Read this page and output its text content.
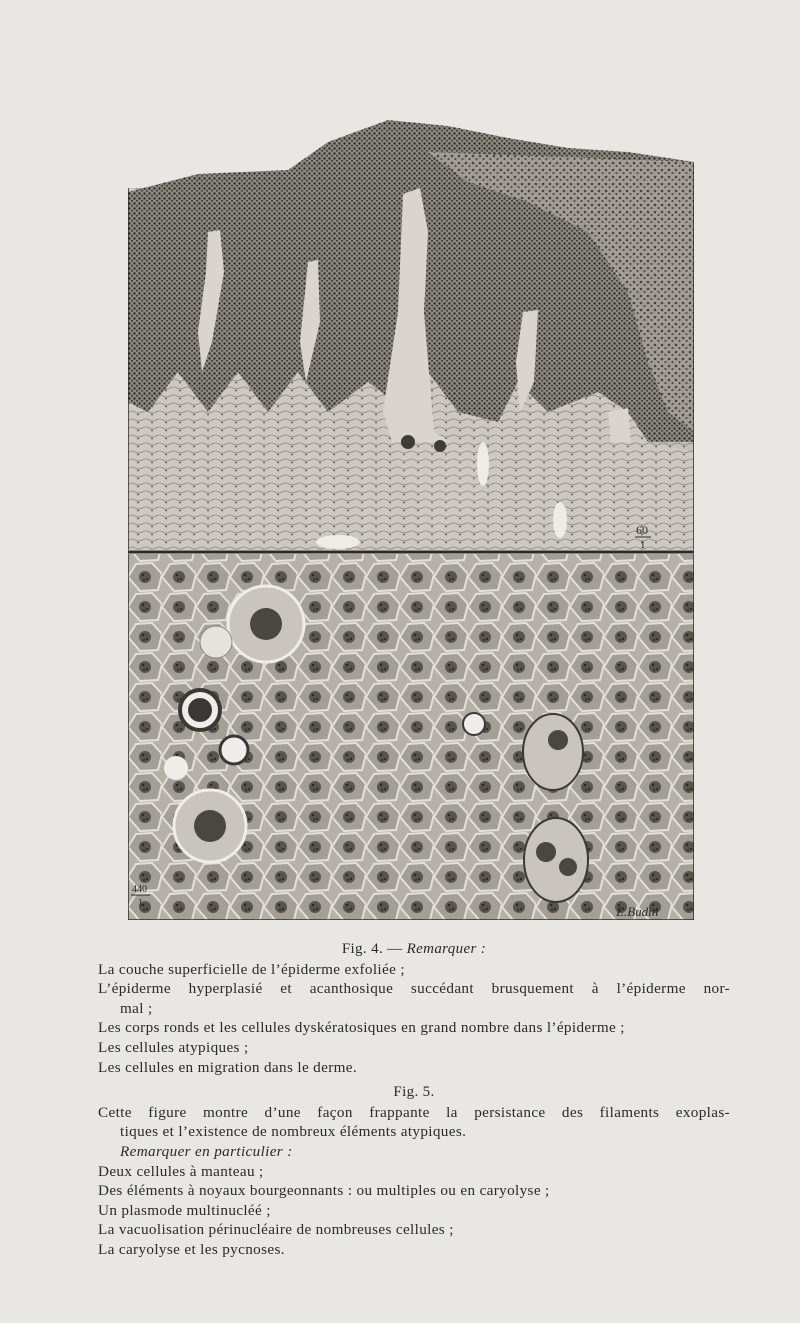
60
1
440
1
E.Budin

Fig. 4. — Remarquer :

La couche superficielle de l’épiderme exfoliée ;

L’épiderme hyperplasié et acanthosique succédant brusquement à l’épiderme nor-

mal ;

Les corps ronds et les cellules dyskératosiques en grand nombre dans l’épiderme ;

Les cellules atypiques ;

Les cellules en migration dans le derme.

Fig. 5.

Cette figure montre d’une façon frappante la persistance des filaments exoplas-

tiques et l’existence de nombreux éléments atypiques.

Remarquer en particulier :

Deux cellules à manteau ;

Des éléments à noyaux bourgeonnants : ou multiples ou en caryolyse ;

Un plasmode multinucléé ;

La vacuolisation périnucléaire de nombreuses cellules ;

La caryolyse et les pycnoses.
